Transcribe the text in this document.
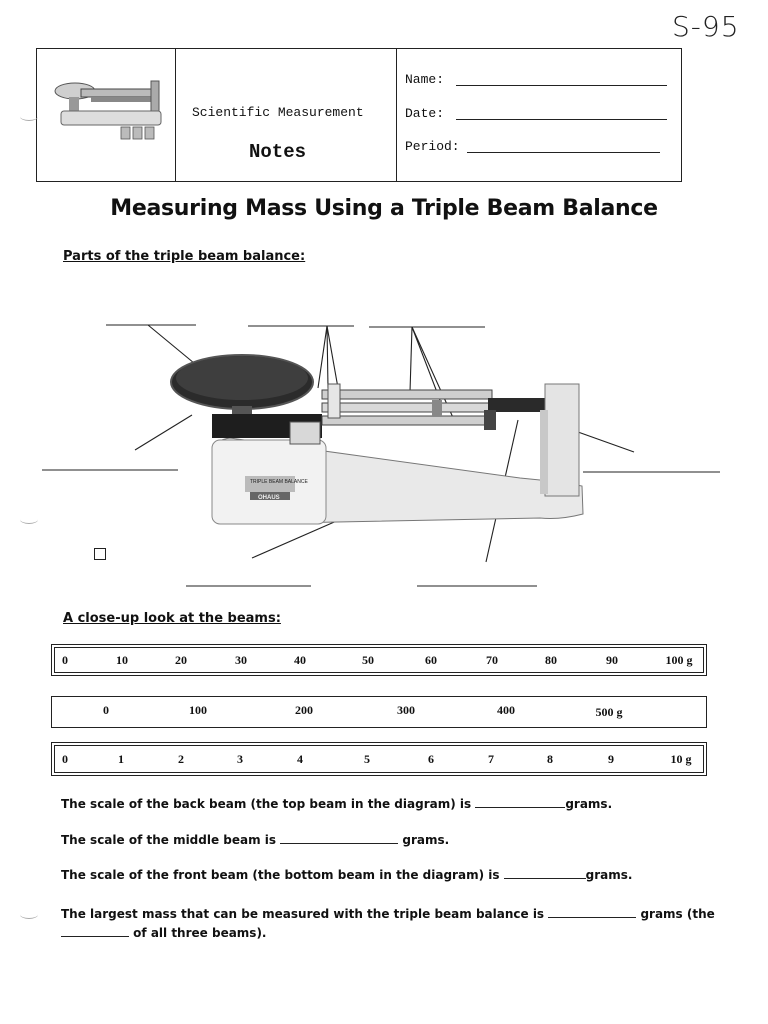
S-95
Scientific Measurement
Notes
Name:
Date:
Period:
Measuring Mass Using a Triple Beam Balance
Parts of the triple beam balance:
TRIPLE BEAM BALANCE
OHAUS
A close-up look at the beams:
0	10	20	30	40	50	60	70	80	90	100 g
0	100	200	300	400	500 g
0	1	2	3	4	5	6	7	8	9	10 g
The scale of the back beam (the top beam in the diagram) is	grams.
The scale of the middle beam is	grams.
The scale of the front beam (the bottom beam in the diagram) is	grams.
The largest mass that can be measured with the triple beam balance is	grams (the
of all three beams).
